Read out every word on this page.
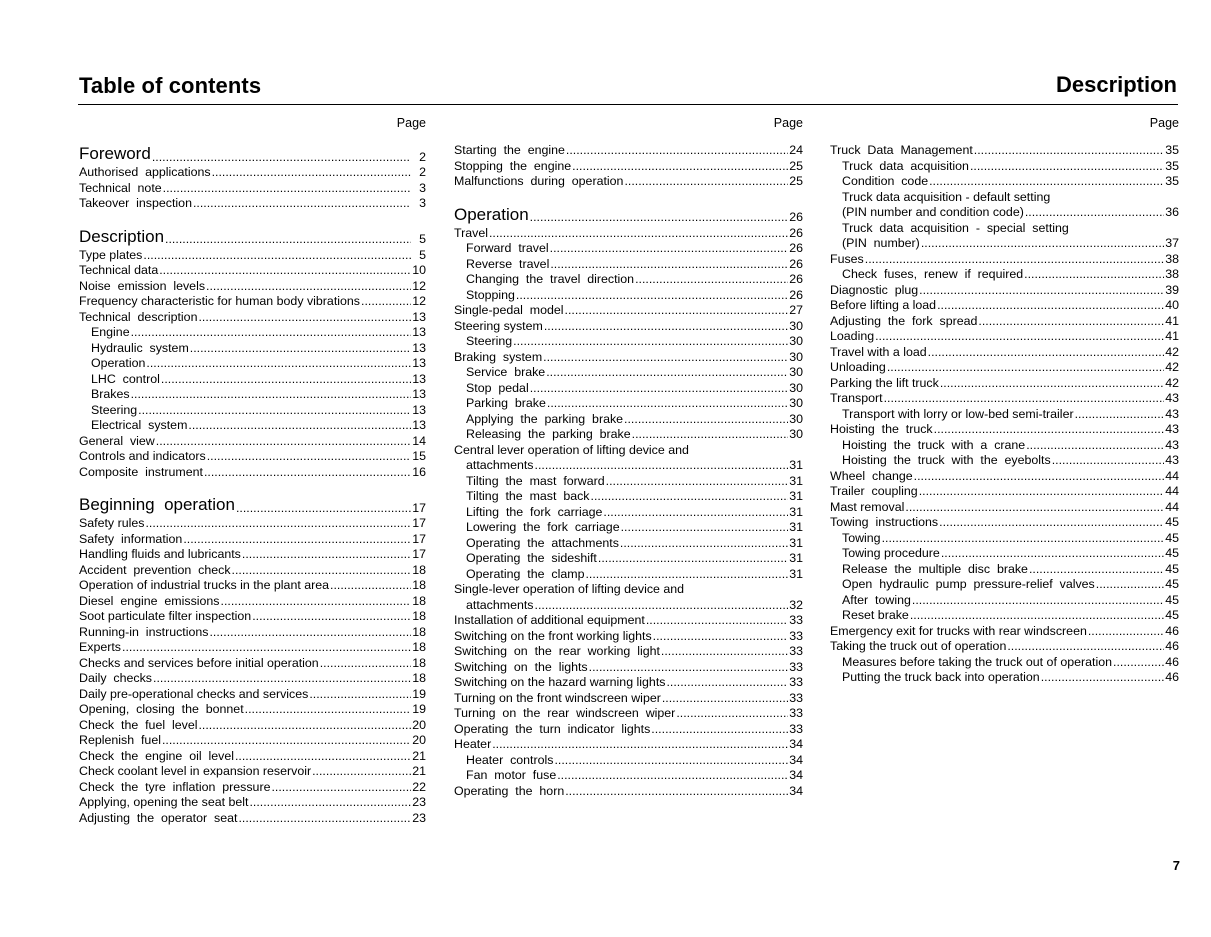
Table of contents	Description
Page
Foreword .....	2
Authorised  applications .....	2
Technical  note .....	3
Takeover  inspection .....	3
Description .....	5
Type plates .....	5
Technical data .....	10
Noise  emission  levels .....	12
Frequency characteristic for human body vibrations .....	12
Technical  description .....	13
Engine .....	13
Hydraulic  system .....	13
Operation .....	13
LHC  control .....	13
Brakes .....	13
Steering .....	13
Electrical  system .....	13
General  view .....	14
Controls and indicators .....	15
Composite  instrument .....	16
Beginning  operation .....	17
Safety rules .....	17
Safety  information .....	17
Handling fluids and lubricants .....	17
Accident  prevention  check .....	18
Operation of industrial trucks in the plant area .....	18
Diesel  engine  emissions .....	18
Soot particulate filter inspection .....	18
Running-in  instructions .....	18
Experts .....	18
Checks and services before initial operation .....	18
Daily  checks .....	18
Daily pre-operational checks and services .....	19
Opening,  closing  the  bonnet .....	19
Check  the  fuel  level .....	20
Replenish  fuel .....	20
Check  the  engine  oil  level .....	21
Check coolant level in expansion reservoir .....	21
Check  the  tyre  inflation  pressure .....	22
Applying, opening the seat belt .....	23
Adjusting  the  operator  seat .....	23
Page
Starting  the  engine .....	24
Stopping  the  engine .....	25
Malfunctions  during  operation .....	25
Operation .....	26
Travel .....	26
Forward  travel .....	26
Reverse  travel .....	26
Changing  the  travel  direction .....	26
Stopping .....	26
Single-pedal  model .....	27
Steering system .....	30
Steering .....	30
Braking  system .....	30
Service  brake .....	30
Stop  pedal .....	30
Parking  brake .....	30
Applying  the  parking  brake .....	30
Releasing  the  parking  brake .....	30
Central lever operation of lifting device and
attachments .....	31
Tilting  the  mast  forward .....	31
Tilting  the  mast  back .....	31
Lifting  the  fork  carriage .....	31
Lowering  the  fork  carriage .....	31
Operating  the  attachments .....	31
Operating  the  sideshift .....	31
Operating  the  clamp .....	31
Single-lever operation of lifting device and
attachments .....	32
Installation of additional equipment .....	33
Switching on the front working lights .....	33
Switching  on  the  rear  working  light .....	33
Switching  on  the  lights .....	33
Switching on the hazard warning lights .....	33
Turning on the front windscreen wiper .....	33
Turning  on  the  rear  windscreen  wiper .....	33
Operating  the  turn  indicator  lights .....	33
Heater .....	34
Heater  controls .....	34
Fan  motor  fuse .....	34
Operating  the  horn .....	34
Page
Truck  Data  Management .....	35
Truck  data  acquisition .....	35
Condition  code .....	35
Truck data acquisition - default setting
(PIN number and condition code) .....	36
Truck  data  acquisition  -  special  setting
(PIN  number) .....	37
Fuses .....	38
Check  fuses,  renew  if  required .....	38
Diagnostic  plug .....	39
Before lifting a load .....	40
Adjusting  the  fork  spread .....	41
Loading .....	41
Travel with a load .....	42
Unloading .....	42
Parking the lift truck .....	42
Transport .....	43
Transport with lorry or low-bed semi-trailer .....	43
Hoisting  the  truck .....	43
Hoisting  the  truck  with  a  crane .....	43
Hoisting  the  truck  with  the  eyebolts .....	43
Wheel  change .....	44
Trailer  coupling .....	44
Mast removal .....	44
Towing  instructions .....	45
Towing .....	45
Towing procedure .....	45
Release  the  multiple  disc  brake .....	45
Open  hydraulic  pump  pressure-relief  valves .....	45
After  towing .....	45
Reset brake .....	45
Emergency exit for trucks with rear windscreen .....	46
Taking the truck out of operation .....	46
Measures before taking the truck out of operation .....	46
Putting the truck back into operation .....	46
7
